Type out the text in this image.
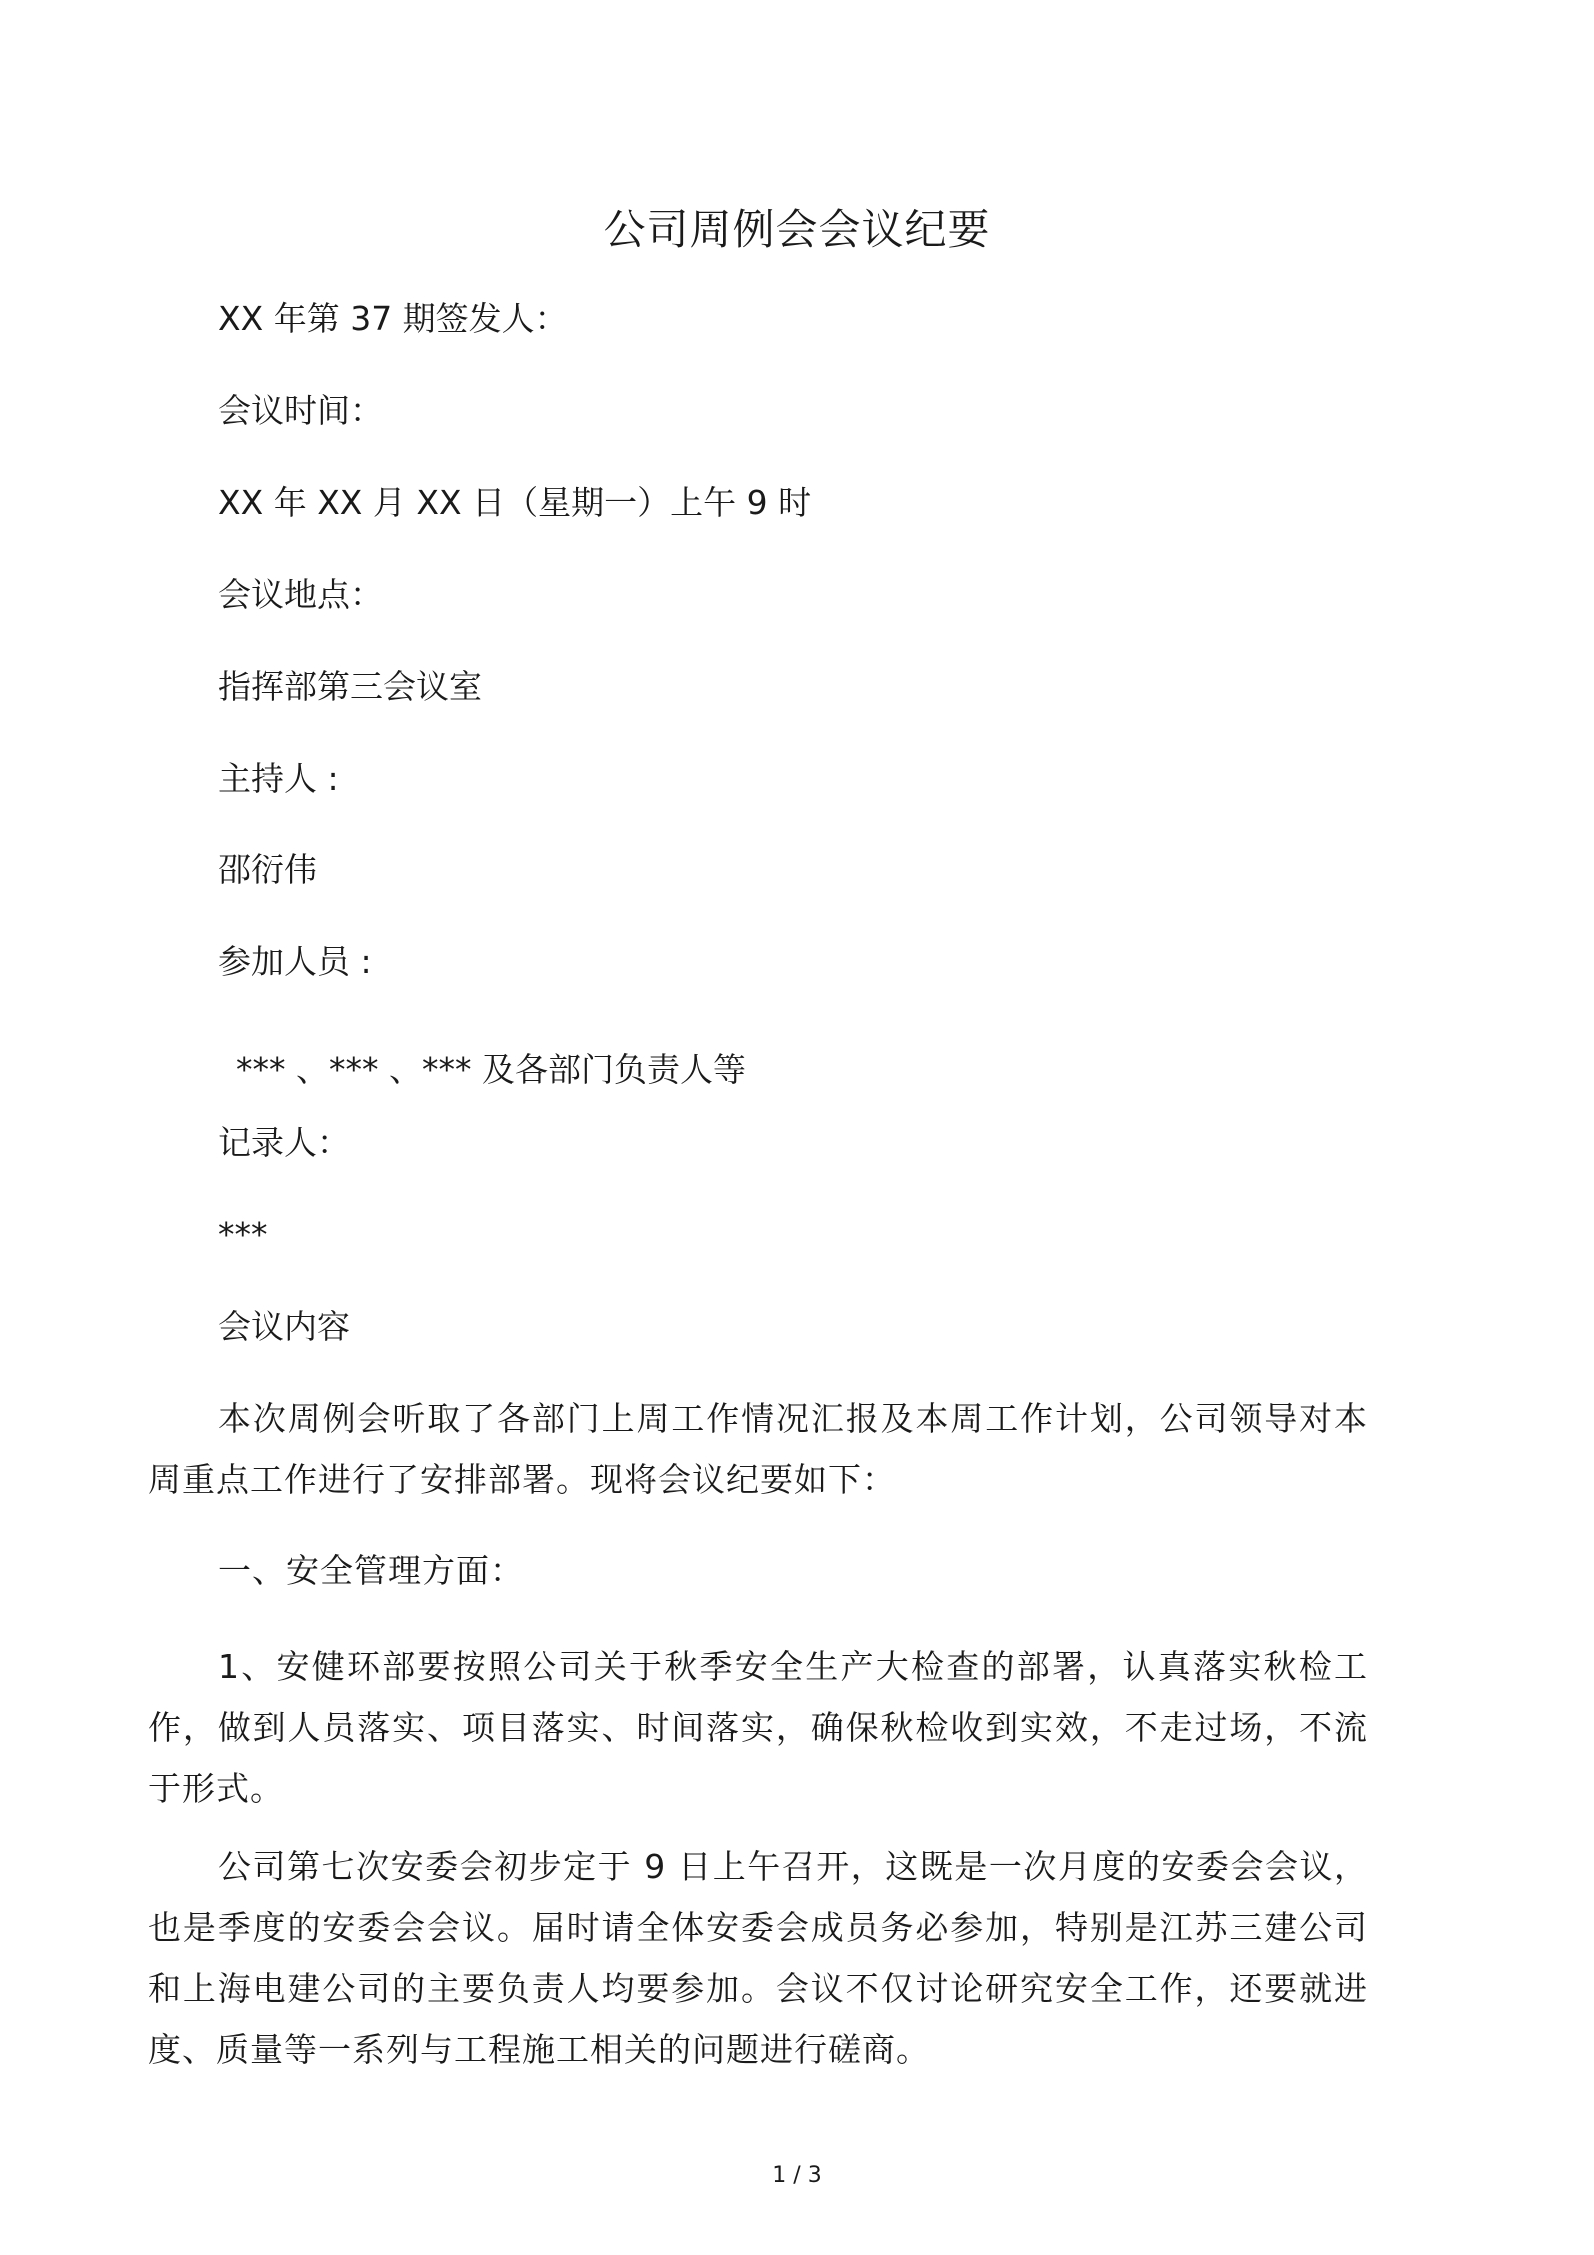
公司周例会会议纪要
XX 年第 37 期签发人：
会议时间：
XX 年 XX 月 XX 日（星期一）上午 9 时
会议地点：
指挥部第三会议室
主持人 :
邵衍伟
参加人员 :
*** 、*** 、*** 及各部门负责人等
记录人：
***
会议内容
本次周例会听取了各部门上周工作情况汇报及本周工作计划，公司领导对本周重点工作进行了安排部署。现将会议纪要如下：
一、安全管理方面：
1、安健环部要按照公司关于秋季安全生产大检查的部署，认真落实秋检工作，做到人员落实、项目落实、时间落实，确保秋检收到实效，不走过场，不流于形式。
公司第七次安委会初步定于 9 日上午召开，这既是一次月度的安委会会议，也是季度的安委会会议。届时请全体安委会成员务必参加，特别是江苏三建公司和上海电建公司的主要负责人均要参加。会议不仅讨论研究安全工作，还要就进度、质量等一系列与工程施工相关的问题进行磋商。
1 / 3
